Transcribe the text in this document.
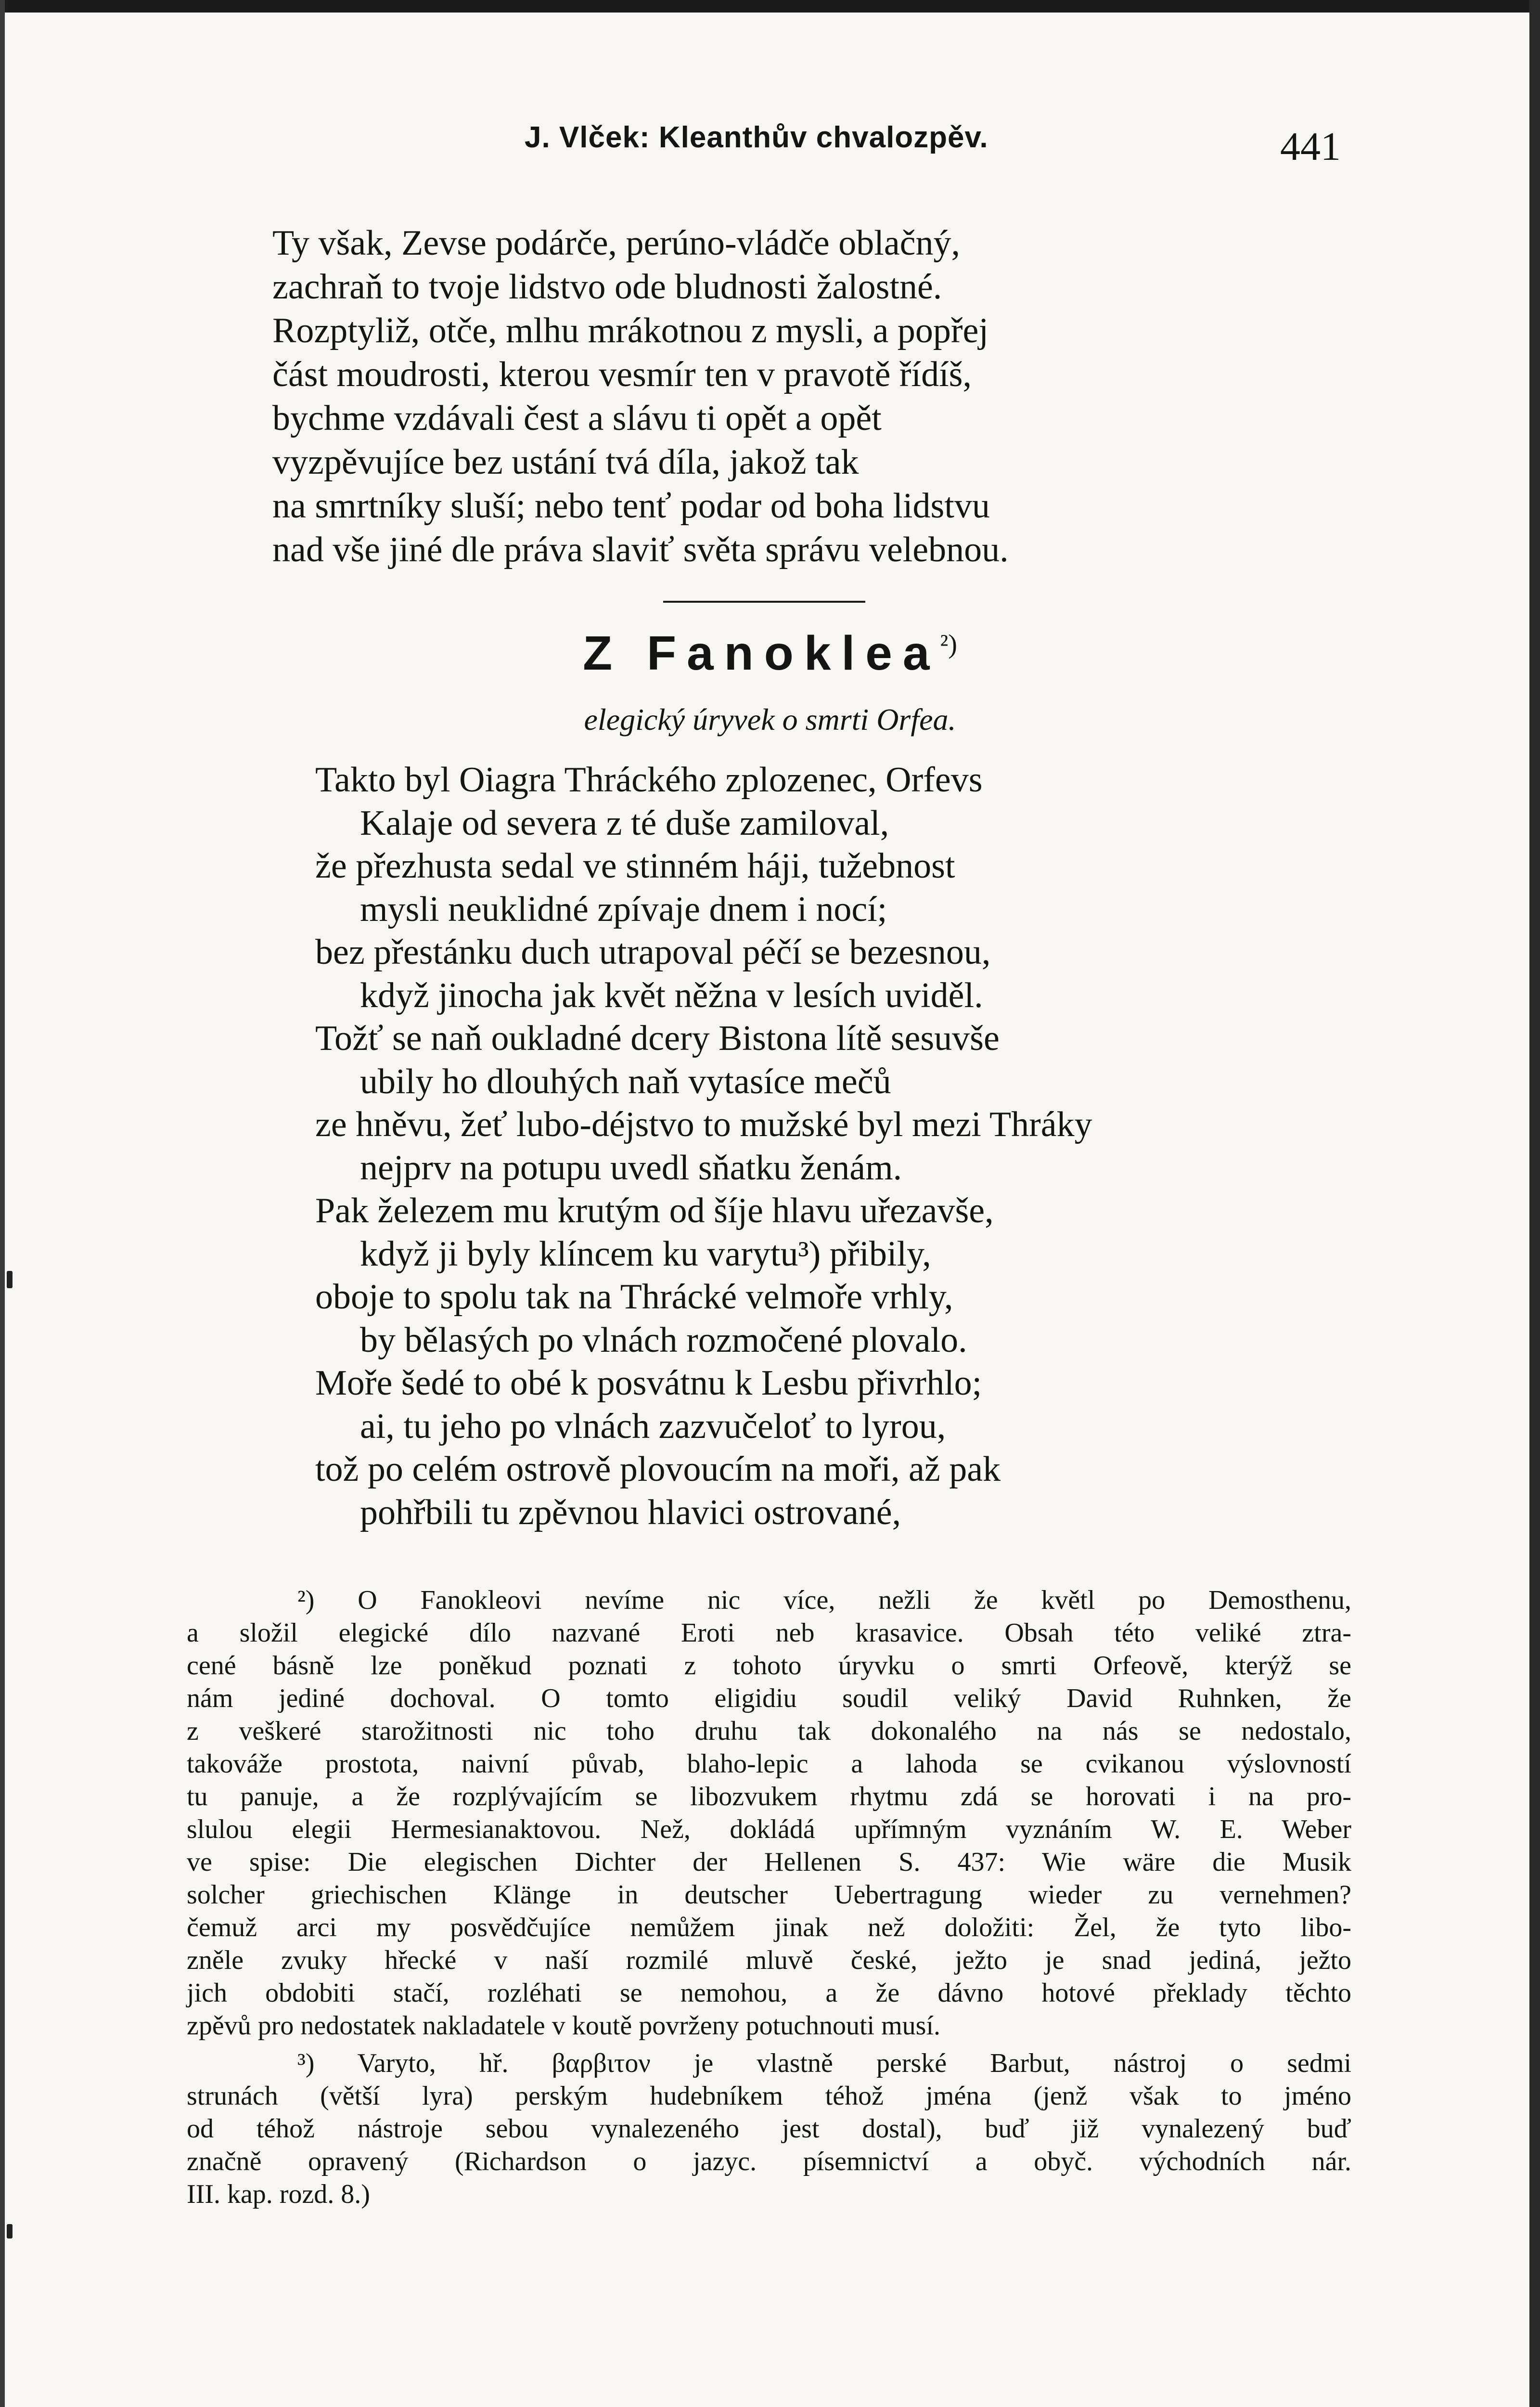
J. Vlček: Kleanthův chvalozpěv.	441
Ty však, Zevse podárče, perúno-vládče oblačný,
zachraň to tvoje lidstvo ode bludnosti žalostné.
Rozptyliž, otče, mlhu mrákotnou z mysli, a popřej
část moudrosti, kterou vesmír ten v pravotě řídíš,
bychme vzdávali čest a slávu ti opět a opět
vyzpěvujíce bez ustání tvá díla, jakož tak
na smrtníky sluší; nebo tenť podar od boha lidstvu
nad vše jiné dle práva slaviť světa správu velebnou.
Z Fanoklea$^{^2)}$
elegický úryvek o smrti Orfea.
Takto byl Oiagra Thráckého zplozenec, Orfevs
Kalaje od severa z té duše zamiloval,
že přezhusta sedal ve stinném háji, tužebnost
mysli neuklidné zpívaje dnem i nocí;
bez přestánku duch utrapoval péčí se bezesnou,
když jinocha jak květ něžna v lesích uviděl.
Tožť se naň oukladné dcery Bistona lítě sesuvše
ubily ho dlouhých naň vytasíce mečů
ze hněvu, žeť lubo-déjstvo to mužské byl mezi Thráky
nejprv na potupu uvedl sňatku ženám.
Pak železem mu krutým od šíje hlavu uřezavše,
když ji byly klíncem ku varytu³) přibily,
oboje to spolu tak na Thrácké velmoře vrhly,
by bělasých po vlnách rozmočené plovalo.
Moře šedé to obé k posvátnu k Lesbu přivrhlo;
ai, tu jeho po vlnách zazvučeloť to lyrou,
tož po celém ostrově plovoucím na moři, až pak
pohřbili tu zpěvnou hlavici ostrované,
²) O Fanokleovi nevíme nic více, nežli že květl po Demosthenu,
a složil elegické dílo nazvané Eroti neb krasavice. Obsah této veliké ztra-
cené básně lze poněkud poznati z tohoto úryvku o smrti Orfeově, kterýž se
nám jediné dochoval. O tomto eligidiu soudil veliký David Ruhnken, že
z veškeré starožitnosti nic toho druhu tak dokonalého na nás se nedostalo,
takovážе prostota, naivní půvab, blaho-lepic a lahoda se cvikanou výslovností
tu panuje, a že rozplývajícím se libozvukem rhytmu zdá se horovati i na pro-
slulou elegii Hermesianaktovou. Než, dokládá upřímným vyznáním W. E. Weber
ve spise: Die elegischen Dichter der Hellenen S. 437: Wie wäre die Musik
solcher griechischen Klänge in deutscher Uebertragung wieder zu vernehmen?
čemuž arci my posvědčujíce nemůžem jinak než doložiti: Žel, že tyto libo-
zněle zvuky hřecké v naší rozmilé mluvě české, ježto je snad jediná, ježto
jich obdobiti stačí, rozléhati se nemohou, a že dávno hotové překlady těchto
zpěvů pro nedostatek nakladatele v koutě povrženy potuchnouti musí.
³) Varyto, hř. βαρβιτον je vlastně perské Barbut, nástroj o sedmi
strunách (větší lyra) perským hudebníkem téhož jména (jenž však to jméno
od téhož nástroje sebou vynalezeného jest dostal), buď již vynalezený buď
značně opravený (Richardson o jazyc. písemnictví a obyč. východních nár.
III. kap. rozd. 8.)
